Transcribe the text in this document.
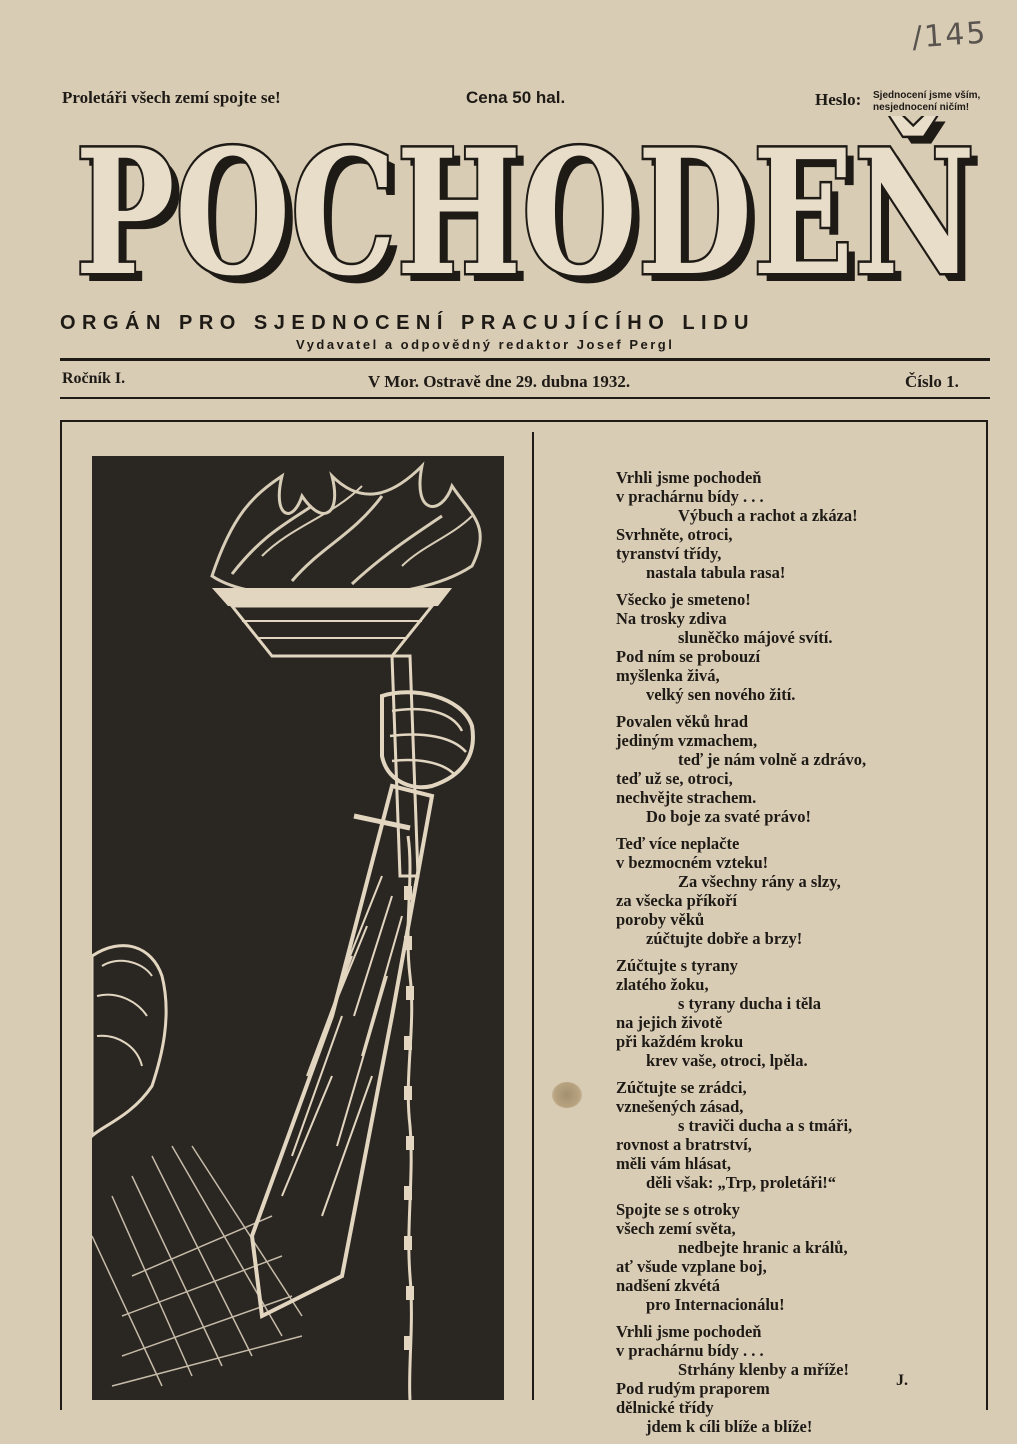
/145
Proletáři všech zemí spojte se!	Cena 50 hal.	Heslo: Sjednocení jsme vším,
nesjednocení ničím!
POCHODEŇ
POCHODEŇ
ORGÁN PRO SJEDNOCENÍ PRACUJÍCÍHO LIDU
Vydavatel a odpovědný redaktor Josef Pergl
Ročník I.	V Mor. Ostravě dne 29. dubna 1932.	Číslo 1.
Vrhli jsme pochodeň
v prachárnu bídy . . .
Výbuch a rachot a zkáza!
Svrhněte, otroci,
tyranství třídy,
nastala tabula rasa!
Všecko je smeteno!
Na trosky zdiva
sluněčko májové svítí.
Pod ním se probouzí
myšlenka živá,
velký sen nového žití.
Povalen věků hrad
jediným vzmachem,
teď je nám volně a zdrávo,
teď už se, otroci,
nechvějte strachem.
Do boje za svaté právo!
Teď více neplačte
v bezmocném vzteku!
Za všechny rány a slzy,
za všecka příkoří
poroby věků
zúčtujte dobře a brzy!
Zúčtujte s tyrany
zlatého žoku,
s tyrany ducha i těla
na jejich životě
při každém kroku
krev vaše, otroci, lpěla.
Zúčtujte se zrádci,
vznešených zásad,
s traviči ducha a s tmáři,
rovnost a bratrství,
měli vám hlásat,
děli však: „Trp, proletáři!“
Spojte se s otroky
všech zemí světa,
nedbejte hranic a králů,
ať všude vzplane boj,
nadšení zkvétá
pro Internacionálu!
Vrhli jsme pochodeň
v prachárnu bídy . . .
Strhány klenby a mříže!
Pod rudým praporem
dělnické třídy
jdem k cíli blíže a blíže!
J.
